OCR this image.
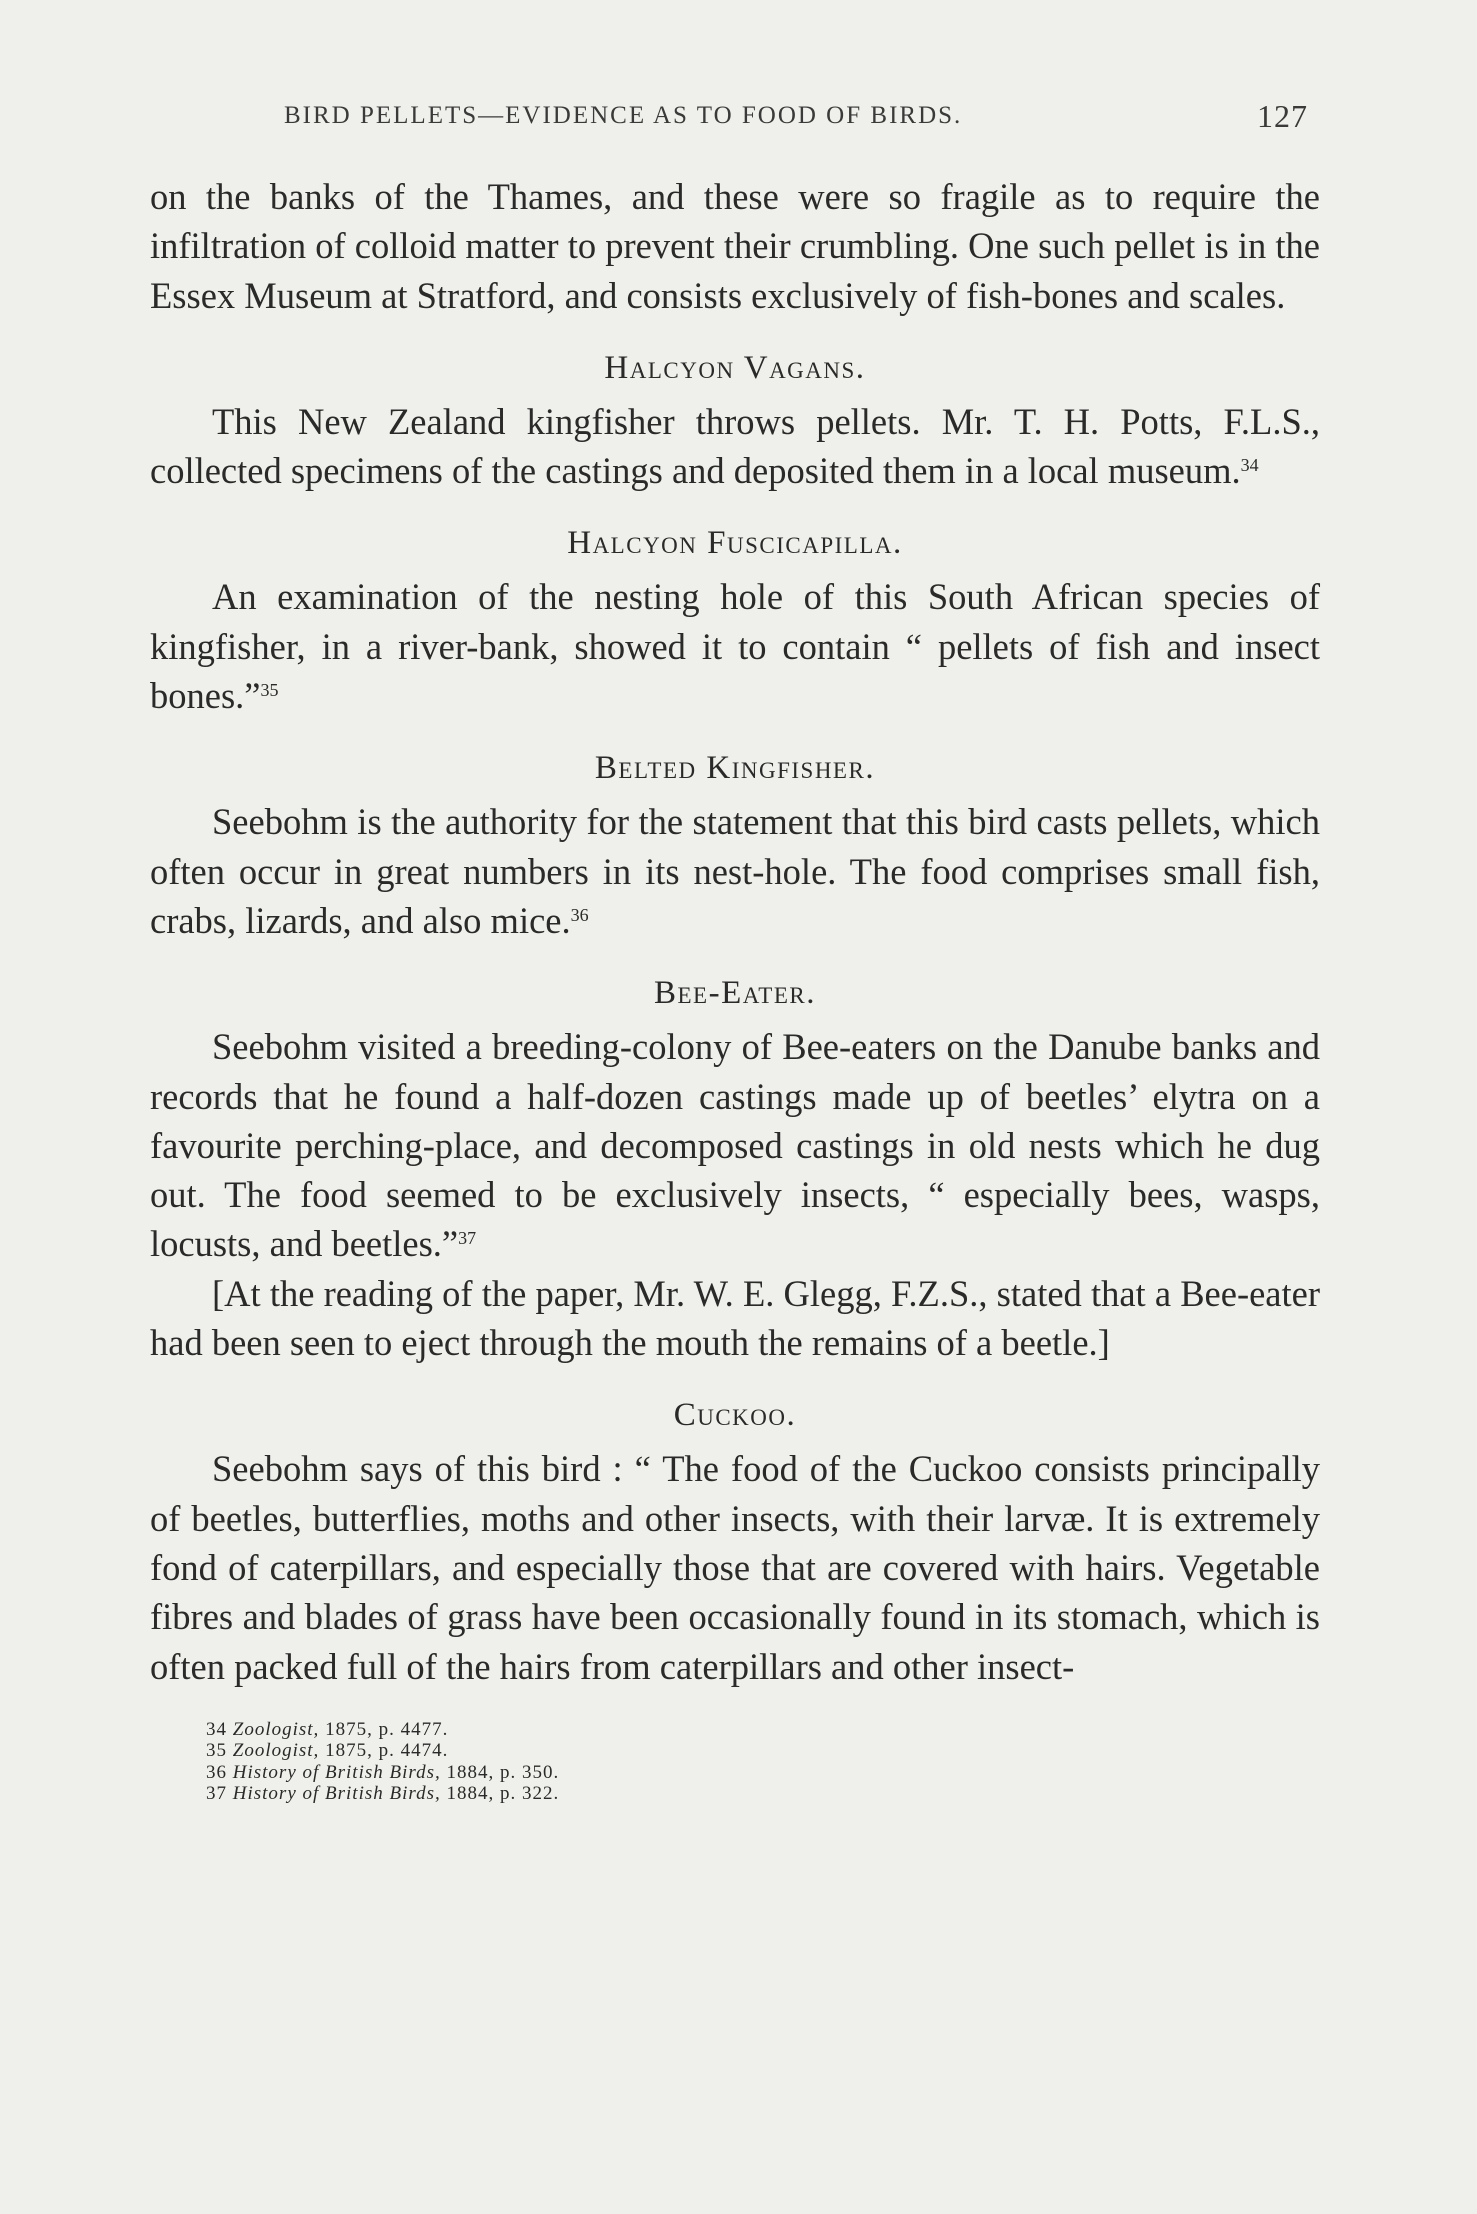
BIRD PELLETS—EVIDENCE AS TO FOOD OF BIRDS.	127

on the banks of the Thames, and these were so fragile as to require the infiltration of colloid matter to prevent their crumbling. One such pellet is in the Essex Museum at Stratford, and consists exclusively of fish-bones and scales.

Halcyon Vagans.

This New Zealand kingfisher throws pellets. Mr. T. H. Potts, F.L.S., collected specimens of the castings and deposited them in a local museum.$^{34}$

Halcyon Fuscicapilla.

An examination of the nesting hole of this South African species of kingfisher, in a river-bank, showed it to contain “ pellets of fish and insect bones.”$^{35}$

Belted Kingfisher.

Seebohm is the authority for the statement that this bird casts pellets, which often occur in great numbers in its nest-hole. The food comprises small fish, crabs, lizards, and also mice.$^{36}$

Bee-Eater.

Seebohm visited a breeding-colony of Bee-eaters on the Danube banks and records that he found a half-dozen castings made up of beetles’ elytra on a favourite perching-place, and decomposed castings in old nests which he dug out. The food seemed to be exclusively insects, “ especially bees, wasps, locusts, and beetles.”$^{37}$

[At the reading of the paper, Mr. W. E. Glegg, F.Z.S., stated that a Bee-eater had been seen to eject through the mouth the remains of a beetle.]

Cuckoo.

Seebohm says of this bird : “ The food of the Cuckoo consists principally of beetles, butterflies, moths and other insects, with their larvæ. It is extremely fond of caterpillars, and especially those that are covered with hairs. Vegetable fibres and blades of grass have been occasionally found in its stomach, which is often packed full of the hairs from caterpillars and other insect-

34 Zoologist, 1875, p. 4477.
35 Zoologist, 1875, p. 4474.
36 History of British Birds, 1884, p. 350.
37 History of British Birds, 1884, p. 322.
